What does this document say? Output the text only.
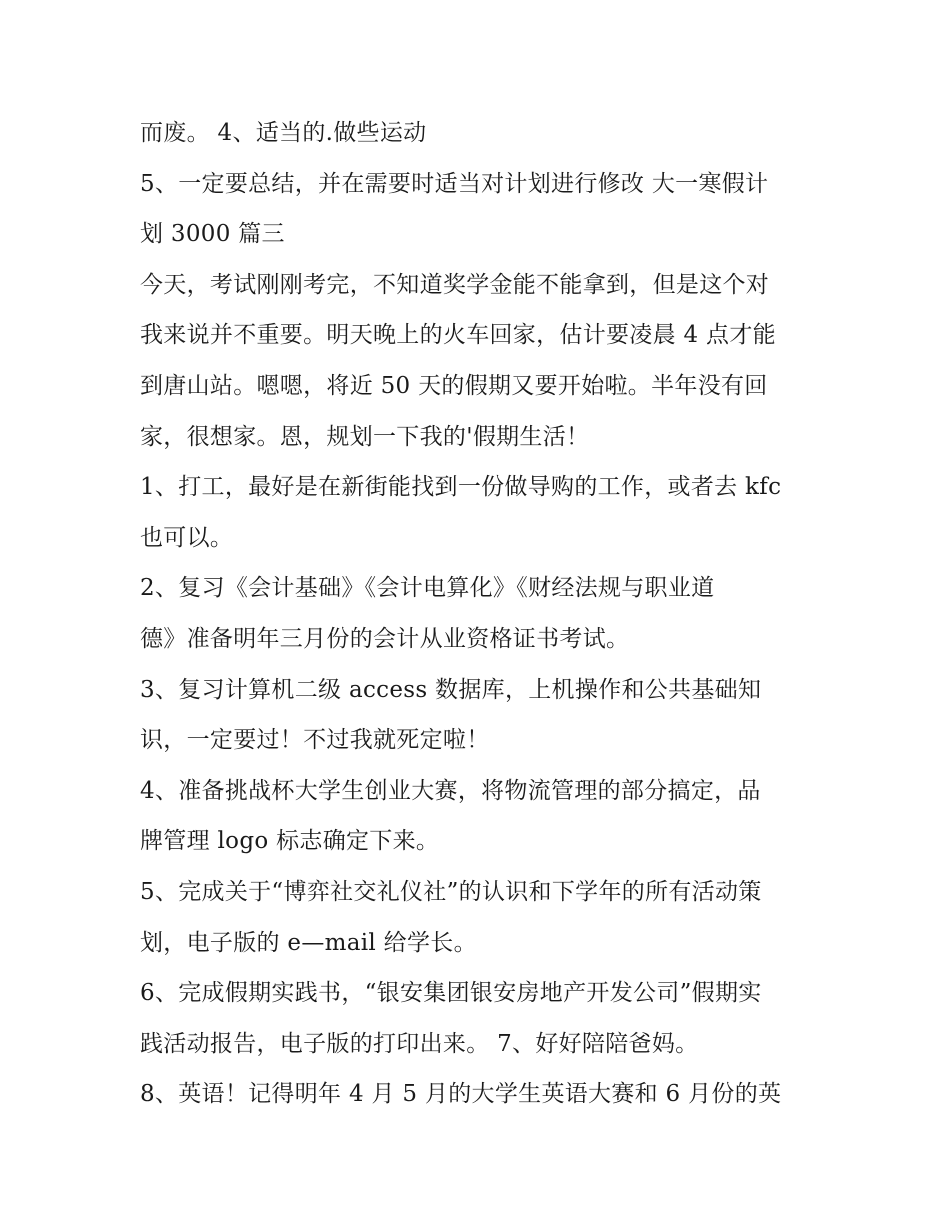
而废。 4、适当的.做些运动
5、一定要总结，并在需要时适当对计划进行修改 大一寒假计
划 3000 篇三
今天，考试刚刚考完，不知道奖学金能不能拿到，但是这个对
我来说并不重要。明天晚上的火车回家，估计要凌晨 4 点才能
到唐山站。嗯嗯，将近 50 天的假期又要开始啦。半年没有回
家，很想家。恩，规划一下我的'假期生活！
1、打工，最好是在新街能找到一份做导购的工作，或者去 kfc
也可以。
2、复习《会计基础》《会计电算化》《财经法规与职业道
德》准备明年三月份的会计从业资格证书考试。
3、复习计算机二级 access 数据库，上机操作和公共基础知
识，一定要过！不过我就死定啦！
4、准备挑战杯大学生创业大赛，将物流管理的部分搞定，品
牌管理 logo 标志确定下来。
5、完成关于“博弈社交礼仪社”的认识和下学年的所有活动策
划，电子版的 e—mail 给学长。
6、完成假期实践书，“银安集团银安房地产开发公司”假期实
践活动报告，电子版的打印出来。 7、好好陪陪爸妈。
8、英语！记得明年 4 月 5 月的大学生英语大赛和 6 月份的英
